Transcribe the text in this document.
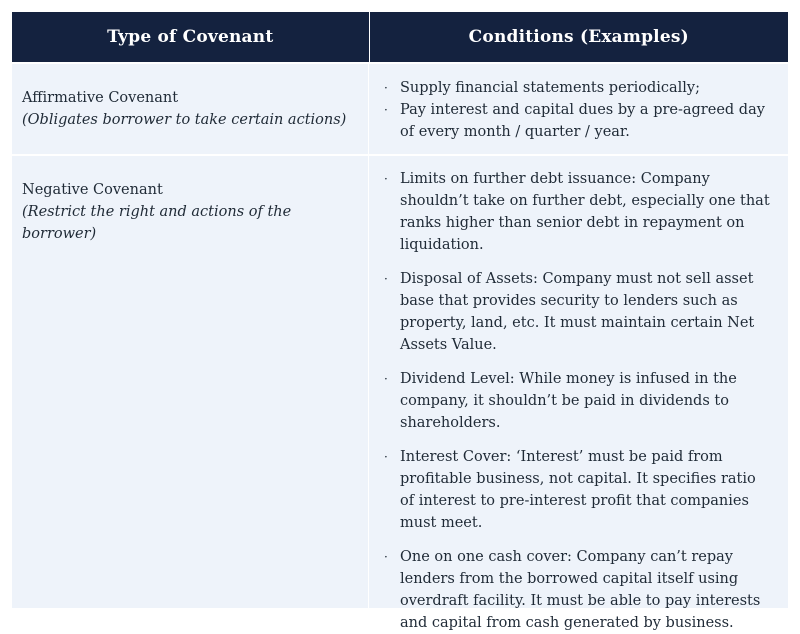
Type of Covenant	Conditions (Examples)
Affirmative Covenant
(Obligates borrower to take certain actions)
· Supply financial statements periodically;
· Pay interest and capital dues by a pre-agreed day of every month / quarter / year.
Negative Covenant
(Restrict the right and actions of the borrower)
· Limits on further debt issuance: Company shouldn’t take on further debt, especially one that ranks higher than senior debt in repayment on liquidation.
· Disposal of Assets: Company must not sell asset base that provides security to lenders such as property, land, etc. It must maintain certain Net Assets Value.
· Dividend Level: While money is infused in the company, it shouldn’t be paid in dividends to shareholders.
· Interest Cover: ‘Interest’ must be paid from profitable business, not capital. It specifies ratio of interest to pre-interest profit that companies must meet.
· One on one cash cover: Company can’t repay lenders from the borrowed capital itself using overdraft facility. It must be able to pay interests and capital from cash generated by business.
